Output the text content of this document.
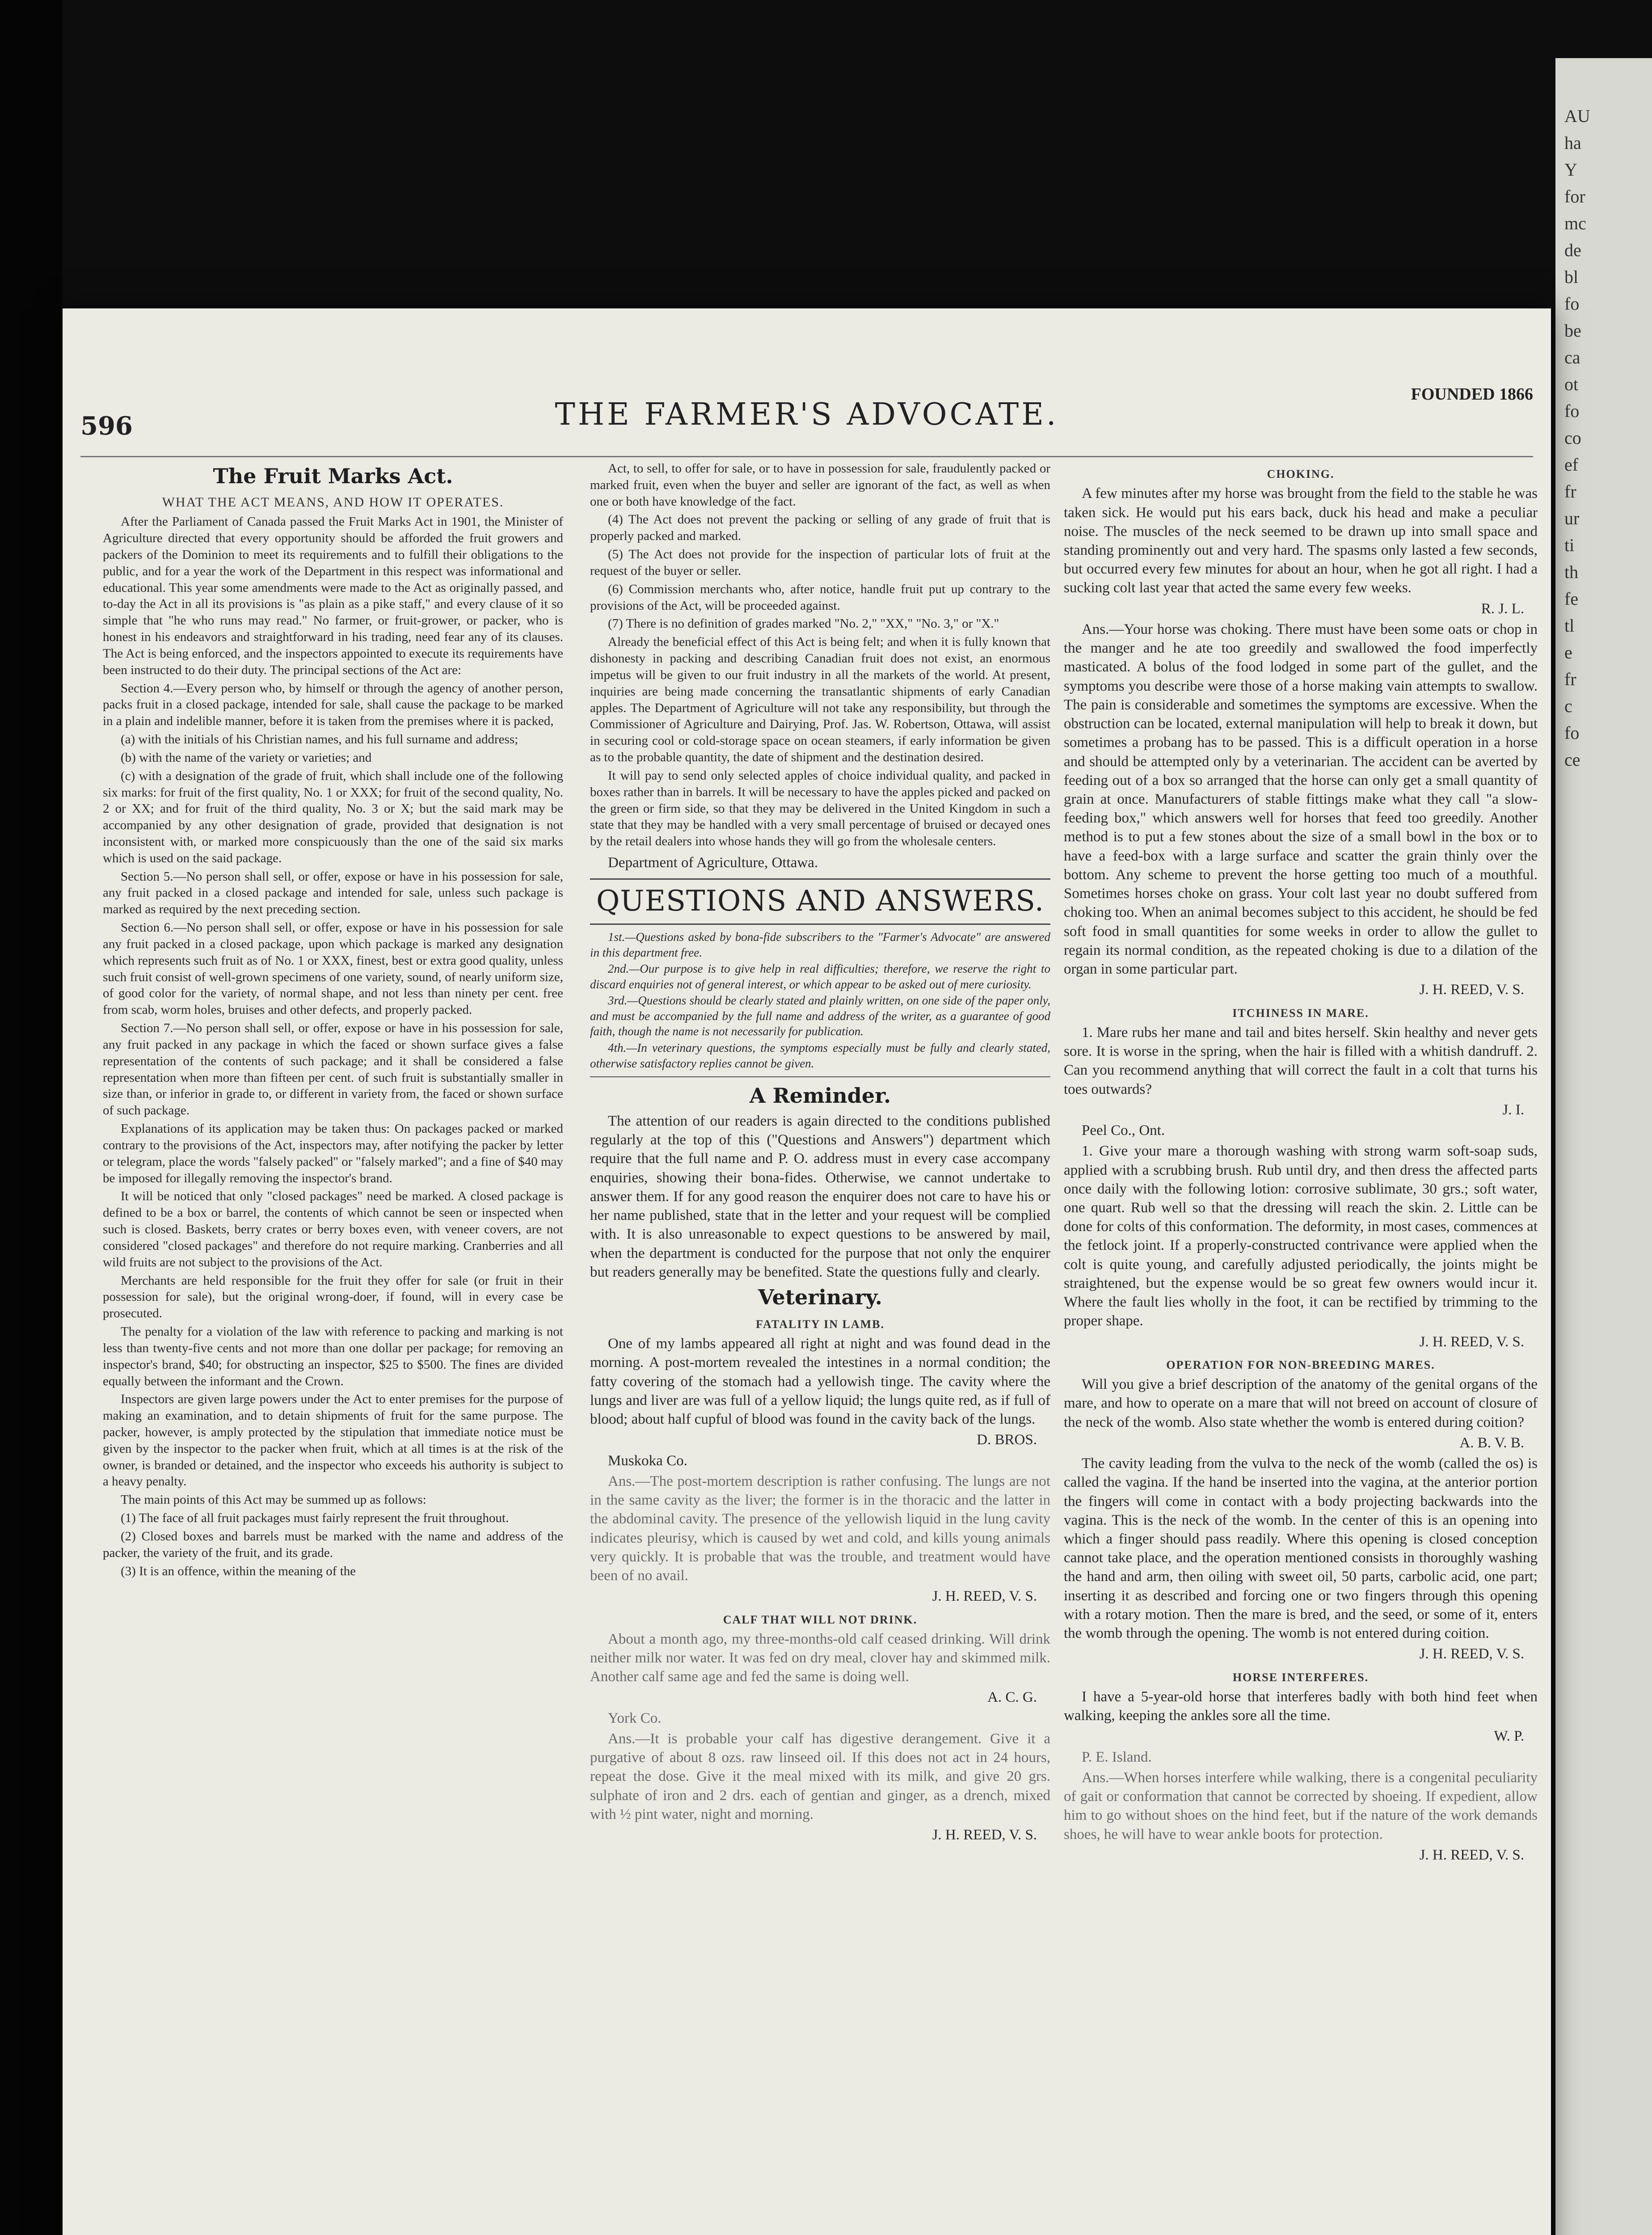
AU
ha
Y
for
mc
de
bl
fo
be
ca
ot
fo
co
ef
fr
ur
ti
th
fe
tl
e
fr
c
fo
ce
596	THE FARMER'S ADVOCATE.
FOUNDED 1866
The Fruit Marks Act.
WHAT THE ACT MEANS, AND HOW IT OPERATES.

After the Parliament of Canada passed the Fruit Marks Act in 1901, the Minister of Agriculture directed that every opportunity should be afforded the fruit growers and packers of the Dominion to meet its requirements and to fulfill their obligations to the public, and for a year the work of the Department in this respect was informational and educational. This year some amendments were made to the Act as originally passed, and to-day the Act in all its provisions is "as plain as a pike staff," and every clause of it so simple that "he who runs may read." No farmer, or fruit-grower, or packer, who is honest in his endeavors and straightforward in his trading, need fear any of its clauses. The Act is being enforced, and the inspectors appointed to execute its requirements have been instructed to do their duty. The principal sections of the Act are:

Section 4.—Every person who, by himself or through the agency of another person, packs fruit in a closed package, intended for sale, shall cause the package to be marked in a plain and indelible manner, before it is taken from the premises where it is packed,

(a) with the initials of his Christian names, and his full surname and address;

(b) with the name of the variety or varieties; and

(c) with a designation of the grade of fruit, which shall include one of the following six marks: for fruit of the first quality, No. 1 or XXX; for fruit of the second quality, No. 2 or XX; and for fruit of the third quality, No. 3 or X; but the said mark may be accompanied by any other designation of grade, provided that designation is not inconsistent with, or marked more conspicuously than the one of the said six marks which is used on the said package.

Section 5.—No person shall sell, or offer, expose or have in his possession for sale, any fruit packed in a closed package and intended for sale, unless such package is marked as required by the next preceding section.

Section 6.—No person shall sell, or offer, expose or have in his possession for sale any fruit packed in a closed package, upon which package is marked any designation which represents such fruit as of No. 1 or XXX, finest, best or extra good quality, unless such fruit consist of well-grown specimens of one variety, sound, of nearly uniform size, of good color for the variety, of normal shape, and not less than ninety per cent. free from scab, worm holes, bruises and other defects, and properly packed.

Section 7.—No person shall sell, or offer, expose or have in his possession for sale, any fruit packed in any package in which the faced or shown surface gives a false representation of the contents of such package; and it shall be considered a false representation when more than fifteen per cent. of such fruit is substantially smaller in size than, or inferior in grade to, or different in variety from, the faced or shown surface of such package.

Explanations of its application may be taken thus: On packages packed or marked contrary to the provisions of the Act, inspectors may, after notifying the packer by letter or telegram, place the words "falsely packed" or "falsely marked"; and a fine of $40 may be imposed for illegally removing the inspector's brand.

It will be noticed that only "closed packages" need be marked. A closed package is defined to be a box or barrel, the contents of which cannot be seen or inspected when such is closed. Baskets, berry crates or berry boxes even, with veneer covers, are not considered "closed packages" and therefore do not require marking. Cranberries and all wild fruits are not subject to the provisions of the Act.

Merchants are held responsible for the fruit they offer for sale (or fruit in their possession for sale), but the original wrong-doer, if found, will in every case be prosecuted.

The penalty for a violation of the law with reference to packing and marking is not less than twenty-five cents and not more than one dollar per package; for removing an inspector's brand, $40; for obstructing an inspector, $25 to $500. The fines are divided equally between the informant and the Crown.

Inspectors are given large powers under the Act to enter premises for the purpose of making an examination, and to detain shipments of fruit for the same purpose. The packer, however, is amply protected by the stipulation that immediate notice must be given by the inspector to the packer when fruit, which at all times is at the risk of the owner, is branded or detained, and the inspector who exceeds his authority is subject to a heavy penalty.

The main points of this Act may be summed up as follows:

(1) The face of all fruit packages must fairly represent the fruit throughout.

(2) Closed boxes and barrels must be marked with the name and address of the packer, the variety of the fruit, and its grade.

(3) It is an offence, within the meaning of the

Act, to sell, to offer for sale, or to have in possession for sale, fraudulently packed or marked fruit, even when the buyer and seller are ignorant of the fact, as well as when one or both have knowledge of the fact.

(4) The Act does not prevent the packing or selling of any grade of fruit that is properly packed and marked.

(5) The Act does not provide for the inspection of particular lots of fruit at the request of the buyer or seller.

(6) Commission merchants who, after notice, handle fruit put up contrary to the provisions of the Act, will be proceeded against.

(7) There is no definition of grades marked "No. 2," "XX," "No. 3," or "X."

Already the beneficial effect of this Act is being felt; and when it is fully known that dishonesty in packing and describing Canadian fruit does not exist, an enormous impetus will be given to our fruit industry in all the markets of the world. At present, inquiries are being made concerning the transatlantic shipments of early Canadian apples. The Department of Agriculture will not take any responsibility, but through the Commissioner of Agriculture and Dairying, Prof. Jas. W. Robertson, Ottawa, will assist in securing cool or cold-storage space on ocean steamers, if early information be given as to the probable quantity, the date of shipment and the destination desired.

It will pay to send only selected apples of choice individual quality, and packed in boxes rather than in barrels. It will be necessary to have the apples picked and packed on the green or firm side, so that they may be delivered in the United Kingdom in such a state that they may be handled with a very small percentage of bruised or decayed ones by the retail dealers into whose hands they will go from the wholesale centers.

Department of Agriculture, Ottawa.

QUESTIONS AND ANSWERS.

1st.—Questions asked by bona-fide subscribers to the "Farmer's Advocate" are answered in this department free.

2nd.—Our purpose is to give help in real difficulties; therefore, we reserve the right to discard enquiries not of general interest, or which appear to be asked out of mere curiosity.

3rd.—Questions should be clearly stated and plainly written, on one side of the paper only, and must be accompanied by the full name and address of the writer, as a guarantee of good faith, though the name is not necessarily for publication.

4th.—In veterinary questions, the symptoms especially must be fully and clearly stated, otherwise satisfactory replies cannot be given.

A Reminder.

The attention of our readers is again directed to the conditions published regularly at the top of this ("Questions and Answers") department which require that the full name and P. O. address must in every case accompany enquiries, showing their bona-fides. Otherwise, we cannot undertake to answer them. If for any good reason the enquirer does not care to have his or her name published, state that in the letter and your request will be complied with. It is also unreasonable to expect questions to be answered by mail, when the department is conducted for the purpose that not only the enquirer but readers generally may be benefited. State the questions fully and clearly.

Veterinary.
FATALITY IN LAMB.

One of my lambs appeared all right at night and was found dead in the morning. A post-mortem revealed the intestines in a normal condition; the fatty covering of the stomach had a yellowish tinge. The cavity where the lungs and liver are was full of a yellow liquid; the lungs quite red, as if full of blood; about half cupful of blood was found in the cavity back of the lungs.

D. BROS.

Muskoka Co.

Ans.—The post-mortem description is rather confusing. The lungs are not in the same cavity as the liver; the former is in the thoracic and the latter in the abdominal cavity. The presence of the yellowish liquid in the lung cavity indicates pleurisy, which is caused by wet and cold, and kills young animals very quickly. It is probable that was the trouble, and treatment would have been of no avail.

J. H. REED, V. S.
CALF THAT WILL NOT DRINK.

About a month ago, my three-months-old calf ceased drinking. Will drink neither milk nor water. It was fed on dry meal, clover hay and skimmed milk. Another calf same age and fed the same is doing well.

A. C. G.

York Co.

Ans.—It is probable your calf has digestive derangement. Give it a purgative of about 8 ozs. raw linseed oil. If this does not act in 24 hours, repeat the dose. Give it the meal mixed with its milk, and give 20 grs. sulphate of iron and 2 drs. each of gentian and ginger, as a drench, mixed with ½ pint water, night and morning.

J. H. REED, V. S.
CHOKING.

A few minutes after my horse was brought from the field to the stable he was taken sick. He would put his ears back, duck his head and make a peculiar noise. The muscles of the neck seemed to be drawn up into small space and standing prominently out and very hard. The spasms only lasted a few seconds, but occurred every few minutes for about an hour, when he got all right. I had a sucking colt last year that acted the same every few weeks.

R. J. L.

Ans.—Your horse was choking. There must have been some oats or chop in the manger and he ate too greedily and swallowed the food imperfectly masticated. A bolus of the food lodged in some part of the gullet, and the symptoms you describe were those of a horse making vain attempts to swallow. The pain is considerable and sometimes the symptoms are excessive. When the obstruction can be located, external manipulation will help to break it down, but sometimes a probang has to be passed. This is a difficult operation in a horse and should be attempted only by a veterinarian. The accident can be averted by feeding out of a box so arranged that the horse can only get a small quantity of grain at once. Manufacturers of stable fittings make what they call "a slow-feeding box," which answers well for horses that feed too greedily. Another method is to put a few stones about the size of a small bowl in the box or to have a feed-box with a large surface and scatter the grain thinly over the bottom. Any scheme to prevent the horse getting too much of a mouthful. Sometimes horses choke on grass. Your colt last year no doubt suffered from choking too. When an animal becomes subject to this accident, he should be fed soft food in small quantities for some weeks in order to allow the gullet to regain its normal condition, as the repeated choking is due to a dilation of the organ in some particular part.

J. H. REED, V. S.
ITCHINESS IN MARE.

1. Mare rubs her mane and tail and bites herself. Skin healthy and never gets sore. It is worse in the spring, when the hair is filled with a whitish dandruff. 2. Can you recommend anything that will correct the fault in a colt that turns his toes outwards?

J. I.

Peel Co., Ont.

1. Give your mare a thorough washing with strong warm soft-soap suds, applied with a scrubbing brush. Rub until dry, and then dress the affected parts once daily with the following lotion: corrosive sublimate, 30 grs.; soft water, one quart. Rub well so that the dressing will reach the skin. 2. Little can be done for colts of this conformation. The deformity, in most cases, commences at the fetlock joint. If a properly-constructed contrivance were applied when the colt is quite young, and carefully adjusted periodically, the joints might be straightened, but the expense would be so great few owners would incur it. Where the fault lies wholly in the foot, it can be rectified by trimming to the proper shape.

J. H. REED, V. S.
OPERATION FOR NON-BREEDING MARES.

Will you give a brief description of the anatomy of the genital organs of the mare, and how to operate on a mare that will not breed on account of closure of the neck of the womb. Also state whether the womb is entered during coition?

A. B. V. B.

The cavity leading from the vulva to the neck of the womb (called the os) is called the vagina. If the hand be inserted into the vagina, at the anterior portion the fingers will come in contact with a body projecting backwards into the vagina. This is the neck of the womb. In the center of this is an opening into which a finger should pass readily. Where this opening is closed conception cannot take place, and the operation mentioned consists in thoroughly washing the hand and arm, then oiling with sweet oil, 50 parts, carbolic acid, one part; inserting it as described and forcing one or two fingers through this opening with a rotary motion. Then the mare is bred, and the seed, or some of it, enters the womb through the opening. The womb is not entered during coition.

J. H. REED, V. S.
HORSE INTERFERES.

I have a 5-year-old horse that interferes badly with both hind feet when walking, keeping the ankles sore all the time.

W. P.

P. E. Island.

Ans.—When horses interfere while walking, there is a congenital peculiarity of gait or conformation that cannot be corrected by shoeing. If expedient, allow him to go without shoes on the hind feet, but if the nature of the work demands shoes, he will have to wear ankle boots for protection.

J. H. REED, V. S.
